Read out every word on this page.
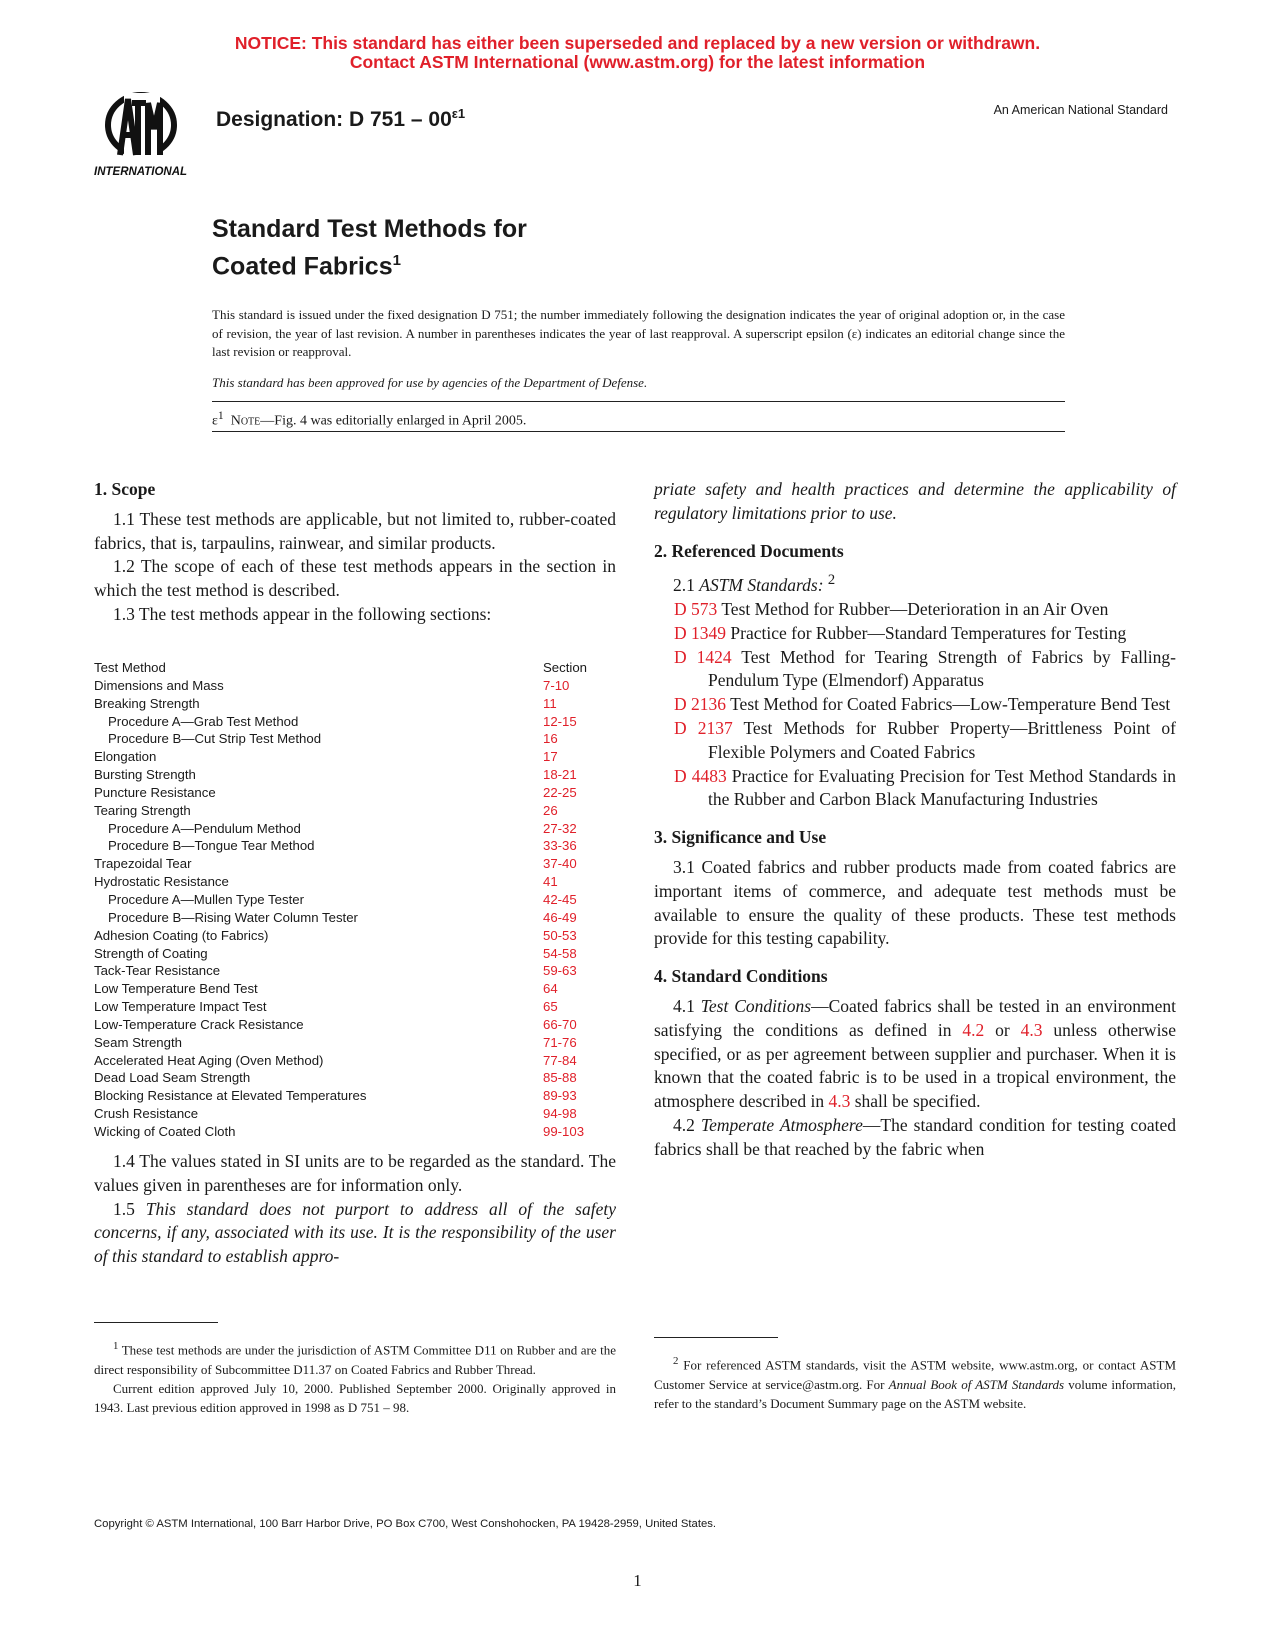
NOTICE: This standard has either been superseded and replaced by a new version or withdrawn.
Contact ASTM International (www.astm.org) for the latest information
INTERNATIONAL
Designation: D $751 - 00^{\varepsilon 1}$	An American National Standard
Standard Test Methods for
Coated Fabrics$^1$
This standard is issued under the fixed designation D 751; the number immediately following the designation indicates the year of original adoption or, in the case of revision, the year of last revision. A number in parentheses indicates the year of last reapproval. A superscript epsilon (ε) indicates an editorial change since the last revision or reapproval.
This standard has been approved for use by agencies of the Department of Defense.
$\varepsilon^1$ Note—Fig. 4 was editorially enlarged in April 2005.

1. Scope

1.1 These test methods are applicable, but not limited to, rubber-coated fabrics, that is, tarpaulins, rainwear, and similar products.

1.2 The scope of each of these test methods appears in the section in which the test method is described.

1.3 The test methods appear in the following sections:

Test Method	Section
Dimensions and Mass	7-10
Breaking Strength	11
Procedure A—Grab Test Method	12-15
Procedure B—Cut Strip Test Method	16
Elongation	17
Bursting Strength	18-21
Puncture Resistance	22-25
Tearing Strength	26
Procedure A—Pendulum Method	27-32
Procedure B—Tongue Tear Method	33-36
Trapezoidal Tear	37-40
Hydrostatic Resistance	41
Procedure A—Mullen Type Tester	42-45
Procedure B—Rising Water Column Tester	46-49
Adhesion Coating (to Fabrics)	50-53
Strength of Coating	54-58
Tack-Tear Resistance	59-63
Low Temperature Bend Test	64
Low Temperature Impact Test	65
Low-Temperature Crack Resistance	66-70
Seam Strength	71-76
Accelerated Heat Aging (Oven Method)	77-84
Dead Load Seam Strength	85-88
Blocking Resistance at Elevated Temperatures	89-93
Crush Resistance	94-98
Wicking of Coated Cloth	99-103

1.4 The values stated in SI units are to be regarded as the standard. The values given in parentheses are for information only.

1.5 This standard does not purport to address all of the safety concerns, if any, associated with its use. It is the responsibility of the user of this standard to establish appro-

priate safety and health practices and determine the applicability of regulatory limitations prior to use.

2. Referenced Documents

2.1 ASTM Standards: $^2$

D 573 Test Method for Rubber—Deterioration in an Air Oven
D 1349 Practice for Rubber—Standard Temperatures for Testing
D 1424 Test Method for Tearing Strength of Fabrics by Falling-Pendulum Type (Elmendorf) Apparatus
D 2136 Test Method for Coated Fabrics—Low-Temperature Bend Test
D 2137 Test Methods for Rubber Property—Brittleness Point of Flexible Polymers and Coated Fabrics
D 4483 Practice for Evaluating Precision for Test Method Standards in the Rubber and Carbon Black Manufacturing Industries

3. Significance and Use

3.1 Coated fabrics and rubber products made from coated fabrics are important items of commerce, and adequate test methods must be available to ensure the quality of these products. These test methods provide for this testing capability.

4. Standard Conditions

4.1 Test Conditions—Coated fabrics shall be tested in an environment satisfying the conditions as defined in 4.2 or 4.3 unless otherwise specified, or as per agreement between supplier and purchaser. When it is known that the coated fabric is to be used in a tropical environment, the atmosphere described in 4.3 shall be specified.

4.2 Temperate Atmosphere—The standard condition for testing coated fabrics shall be that reached by the fabric when

$^1$ These test methods are under the jurisdiction of ASTM Committee D11 on Rubber and are the direct responsibility of Subcommittee D11.37 on Coated Fabrics and Rubber Thread.

Current edition approved July 10, 2000. Published September 2000. Originally approved in 1943. Last previous edition approved in 1998 as D 751 – 98.

$^2$ For referenced ASTM standards, visit the ASTM website, www.astm.org, or contact ASTM Customer Service at service@astm.org. For Annual Book of ASTM Standards volume information, refer to the standard’s Document Summary page on the ASTM website.

Copyright © ASTM International, 100 Barr Harbor Drive, PO Box C700, West Conshohocken, PA 19428-2959, United States.
1
